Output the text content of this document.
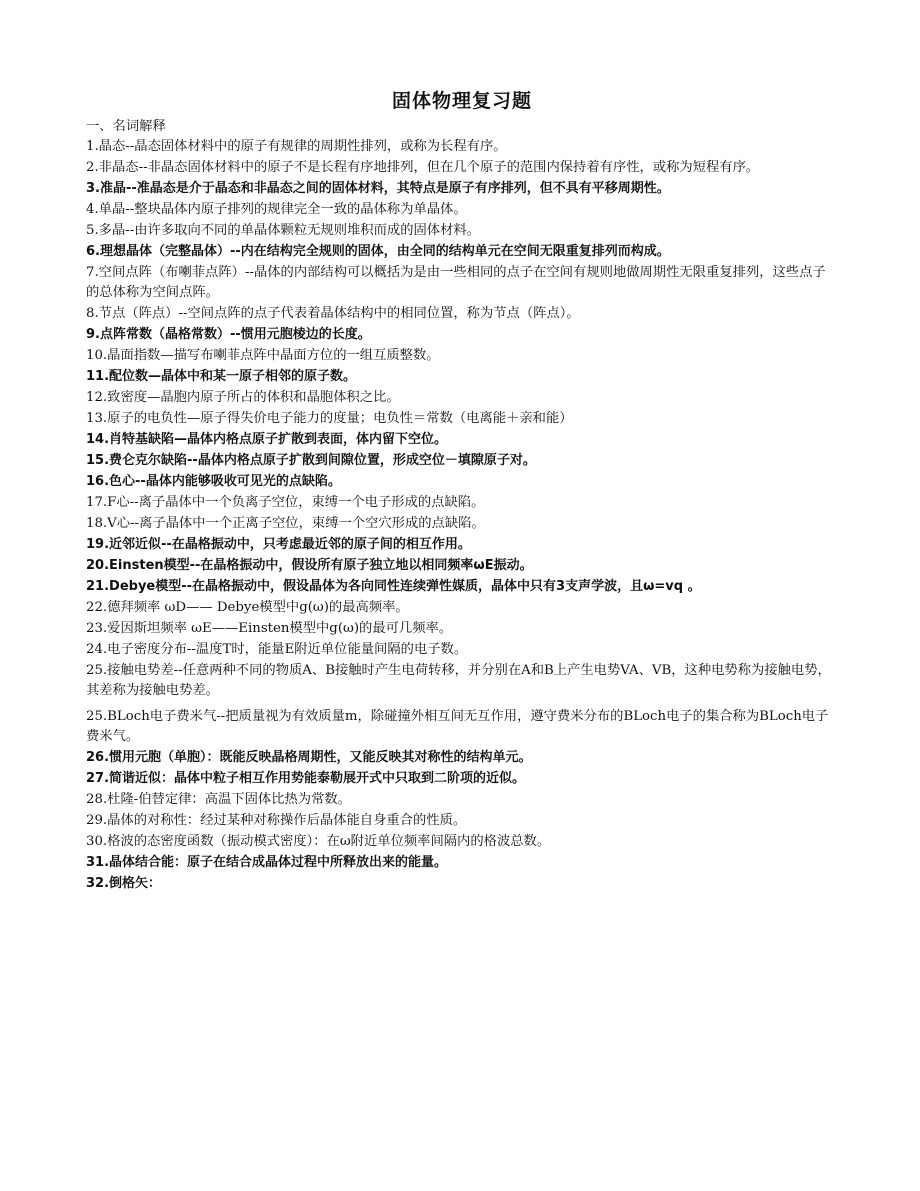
固体物理复习题

一、名词解释

1.晶态--晶态固体材料中的原子有规律的周期性排列，或称为长程有序。

2.非晶态--非晶态固体材料中的原子不是长程有序地排列，但在几个原子的范围内保持着有序性，或称为短程有序。

3.准晶--准晶态是介于晶态和非晶态之间的固体材料，其特点是原子有序排列，但不具有平移周期性。

4.单晶--整块晶体内原子排列的规律完全一致的晶体称为单晶体。

5.多晶--由许多取向不同的单晶体颗粒无规则堆积而成的固体材料。

6.理想晶体（完整晶体）--内在结构完全规则的固体，由全同的结构单元在空间无限重复排列而构成。

7.空间点阵（布喇菲点阵）--晶体的内部结构可以概括为是由一些相同的点子在空间有规则地做周期性无限重复排列，这些点子的总体称为空间点阵。

8.节点（阵点）--空间点阵的点子代表着晶体结构中的相同位置，称为节点（阵点）。

9.点阵常数（晶格常数）--惯用元胞棱边的长度。

10.晶面指数—描写布喇菲点阵中晶面方位的一组互质整数。

11.配位数—晶体中和某一原子相邻的原子数。

12.致密度—晶胞内原子所占的体积和晶胞体积之比。

13.原子的电负性—原子得失价电子能力的度量；电负性＝常数（电离能＋亲和能）

14.肖特基缺陷—晶体内格点原子扩散到表面，体内留下空位。

15.费仑克尔缺陷--晶体内格点原子扩散到间隙位置，形成空位－填隙原子对。

16.色心--晶体内能够吸收可见光的点缺陷。

17.F心--离子晶体中一个负离子空位，束缚一个电子形成的点缺陷。

18.V心--离子晶体中一个正离子空位，束缚一个空穴形成的点缺陷。

19.近邻近似--在晶格振动中，只考虑最近邻的原子间的相互作用。

20.Einsten模型--在晶格振动中，假设所有原子独立地以相同频率ωE振动。

21.Debye模型--在晶格振动中，假设晶体为各向同性连续弹性媒质，晶体中只有3支声学波，且ω=vq 。

22.德拜频率 ωD—— Debye模型中g(ω)的最高频率。

23.爱因斯坦频率 ωE——Einsten模型中g(ω)的最可几频率。

24.电子密度分布--温度T时，能量E附近单位能量间隔的电子数。

25.接触电势差--任意两种不同的物质A、B接触时产生电荷转移，并分别在A和B上产生电势VA、VB，这种电势称为接触电势，其差称为接触电势差。

25.BLoch电子费米气--把质量视为有效质量m，除碰撞外相互间无互作用，遵守费米分布的BLoch电子的集合称为BLoch电子费米气。

26.惯用元胞（单胞）：既能反映晶格周期性，又能反映其对称性的结构单元。

27.简谐近似：晶体中粒子相互作用势能泰勒展开式中只取到二阶项的近似。

28.杜隆-伯替定律：高温下固体比热为常数。

29.晶体的对称性：经过某种对称操作后晶体能自身重合的性质。

30.格波的态密度函数（振动模式密度）：在ω附近单位频率间隔内的格波总数。

31.晶体结合能：原子在结合成晶体过程中所释放出来的能量。

32.倒格矢：
